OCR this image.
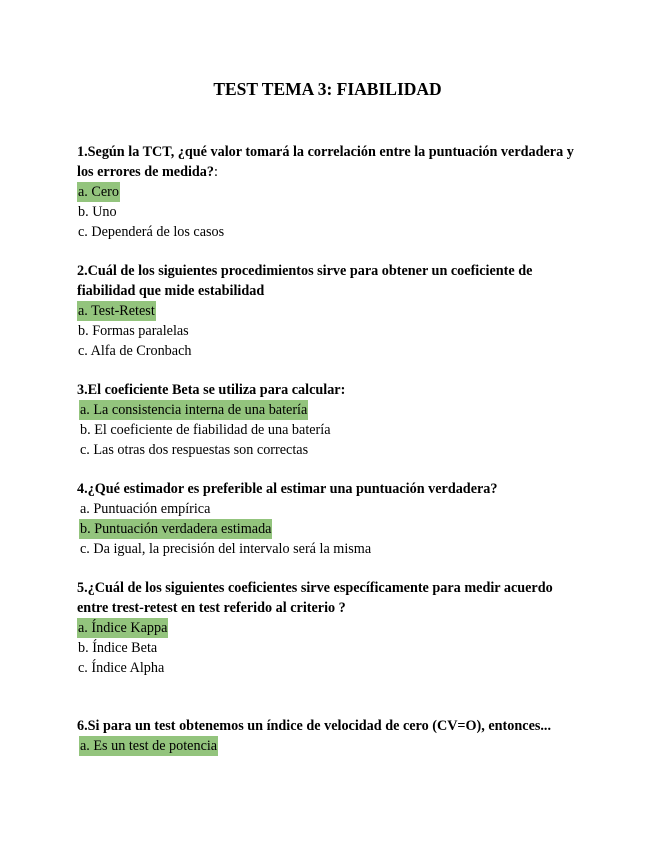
TEST TEMA 3: FIABILIDAD

1.Según la TCT, ¿qué valor tomará la correlación entre la puntuación verdadera y los errores de medida?:

a. Cero

b. Uno

c. Dependerá de los casos

2.Cuál de los siguientes procedimientos sirve para obtener un coeficiente de fiabilidad que mide estabilidad

a. Test-Retest

b. Formas paralelas

c. Alfa de Cronbach

3.El coeficiente Beta se utiliza para calcular:

a. La consistencia interna de una batería

b. El coeficiente de fiabilidad de una batería

c. Las otras dos respuestas son correctas

4.¿Qué estimador es preferible al estimar una puntuación verdadera?

a. Puntuación empírica

b. Puntuación verdadera estimada

c. Da igual, la precisión del intervalo será la misma

5.¿Cuál de los siguientes coeficientes sirve específicamente para medir acuerdo entre trest-retest en test referido al criterio ?

a. Índice Kappa

b. Índice Beta

c. Índice Alpha

6.Si para un test obtenemos un índice de velocidad de cero (CV=O), entonces...

a. Es un test de potencia
